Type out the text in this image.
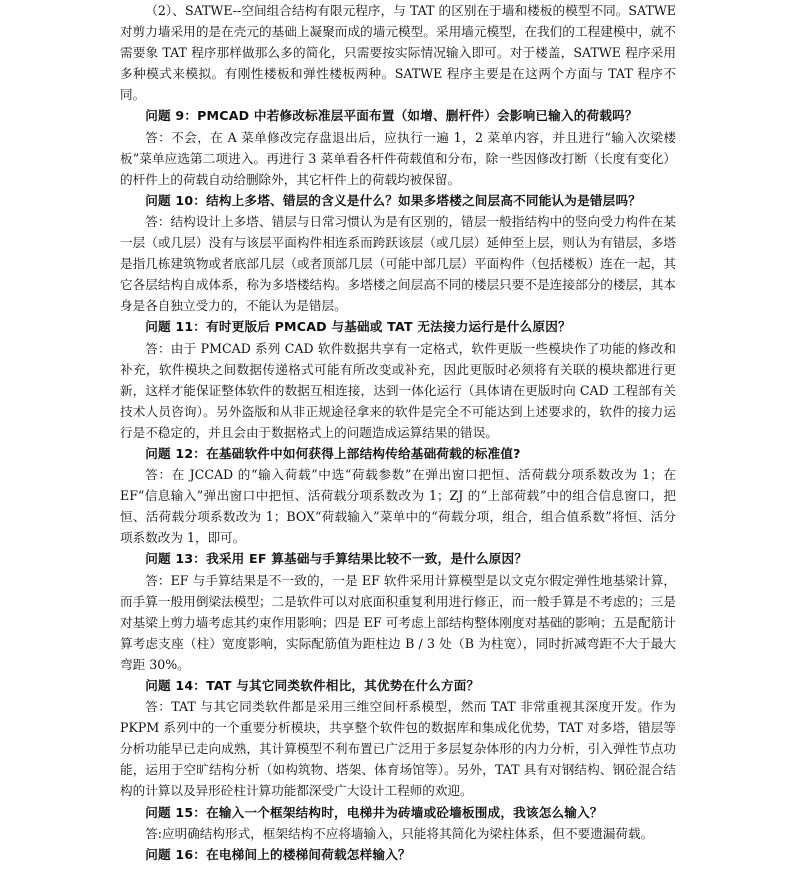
（2）、SATWE--空间组合结构有限元程序，与 TAT 的区别在于墙和楼板的模型不同。SATWE 对剪力墙采用的是在壳元的基础上凝聚而成的墙元模型。采用墙元模型，在我们的工程建模中，就不需要象 TAT 程序那样做那么多的简化，只需要按实际情况输入即可。对于楼盖，SATWE 程序采用多种模式来模拟。有刚性楼板和弹性楼板两种。SATWE 程序主要是在这两个方面与 TAT 程序不同。

问题 9：PMCAD 中若修改标准层平面布置（如增、删杆件）会影响已输入的荷载吗？

答：不会，在 A 菜单修改完存盘退出后，应执行一遍 1，2 菜单内容，并且进行“输入次梁楼板”菜单应选第二项进入。再进行 3 菜单看各杆件荷载值和分布，除一些因修改打断（长度有变化）的杆件上的荷载自动给删除外，其它杆件上的荷载均被保留。

问题 10：结构上多塔、错层的含义是什么？如果多塔楼之间层高不同能认为是错层吗？

答：结构设计上多塔、错层与日常习惯认为是有区别的，错层一般指结构中的竖向受力构件在某一层（或几层）没有与该层平面构件相连系而跨跃该层（或几层）延伸至上层，则认为有错层，多塔是指几栋建筑物或者底部几层（或者顶部几层（可能中部几层）平面构件（包括楼板）连在一起，其它各层结构自成体系，称为多塔楼结构。多塔楼之间层高不同的楼层只要不是连接部分的楼层，其本身是各自独立受力的，不能认为是错层。

问题 11：有时更版后 PMCAD 与基础或 TAT 无法接力运行是什么原因？

答：由于 PMCAD 系列 CAD 软件数据共享有一定格式，软件更版一些模块作了功能的修改和补充，软件模块之间数据传递格式可能有所改变或补充，因此更版时必须将有关联的模块都进行更新，这样才能保证整体软件的数据互相连接，达到一体化运行（具体请在更版时向 CAD 工程部有关技术人员咨询）。另外盗版和从非正规途径拿来的软件是完全不可能达到上述要求的，软件的接力运行是不稳定的，并且会由于数据格式上的问题造成运算结果的错误。

问题 12：在基础软件中如何获得上部结构传给基础荷载的标准值?

答：在 JCCAD 的“输入荷载”中选“荷载参数”在弹出窗口把恒、活荷载分项系数改为 1；在 EF“信息输入”弹出窗口中把恒、活荷载分项系数改为 1；ZJ 的“上部荷载”中的组合信息窗口，把恒、活荷载分项系数改为 1；BOX“荷载输入”菜单中的“荷载分项，组合，组合值系数”将恒、活分项系数改为 1，即可。

问题 13：我采用 EF 算基础与手算结果比较不一致，是什么原因？

答：EF 与手算结果是不一致的，一是 EF 软件采用计算模型是以文克尔假定弹性地基梁计算，而手算一般用倒梁法模型；二是软件可以对底面积重复利用进行修正，而一般手算是不考虑的；三是对基梁上剪力墙考虑其约束作用影响；四是 EF 可考虑上部结构整体刚度对基础的影响；五是配筋计算考虑支座（柱）宽度影响，实际配筋值为距柱边 B / 3 处（B 为柱宽），同时折减弯距不大于最大弯距 30%。

问题 14：TAT 与其它同类软件相比，其优势在什么方面？

答：TAT 与其它同类软件都是采用三维空间杆系模型，然而 TAT 非常重视其深度开发。作为 PKPM 系列中的一个重要分析模块，共享整个软件包的数据库和集成化优势，TAT 对多塔，错层等分析功能早已走向成熟，其计算模型不利布置已广泛用于多层复杂体形的内力分析，引入弹性节点功能，运用于空旷结构分析（如构筑物、塔架、体育场馆等）。另外，TAT 具有对钢结构、钢砼混合结构的计算以及异形砼柱计算功能都深受广大设计工程师的欢迎。

问题 15：在输入一个框架结构时，电梯井为砖墙或砼墙板围成，我该怎么输入？

答:应明确结构形式，框架结构不应将墙输入，只能将其简化为梁柱体系，但不要遗漏荷载。

问题 16：在电梯间上的楼梯间荷载怎样输入？
